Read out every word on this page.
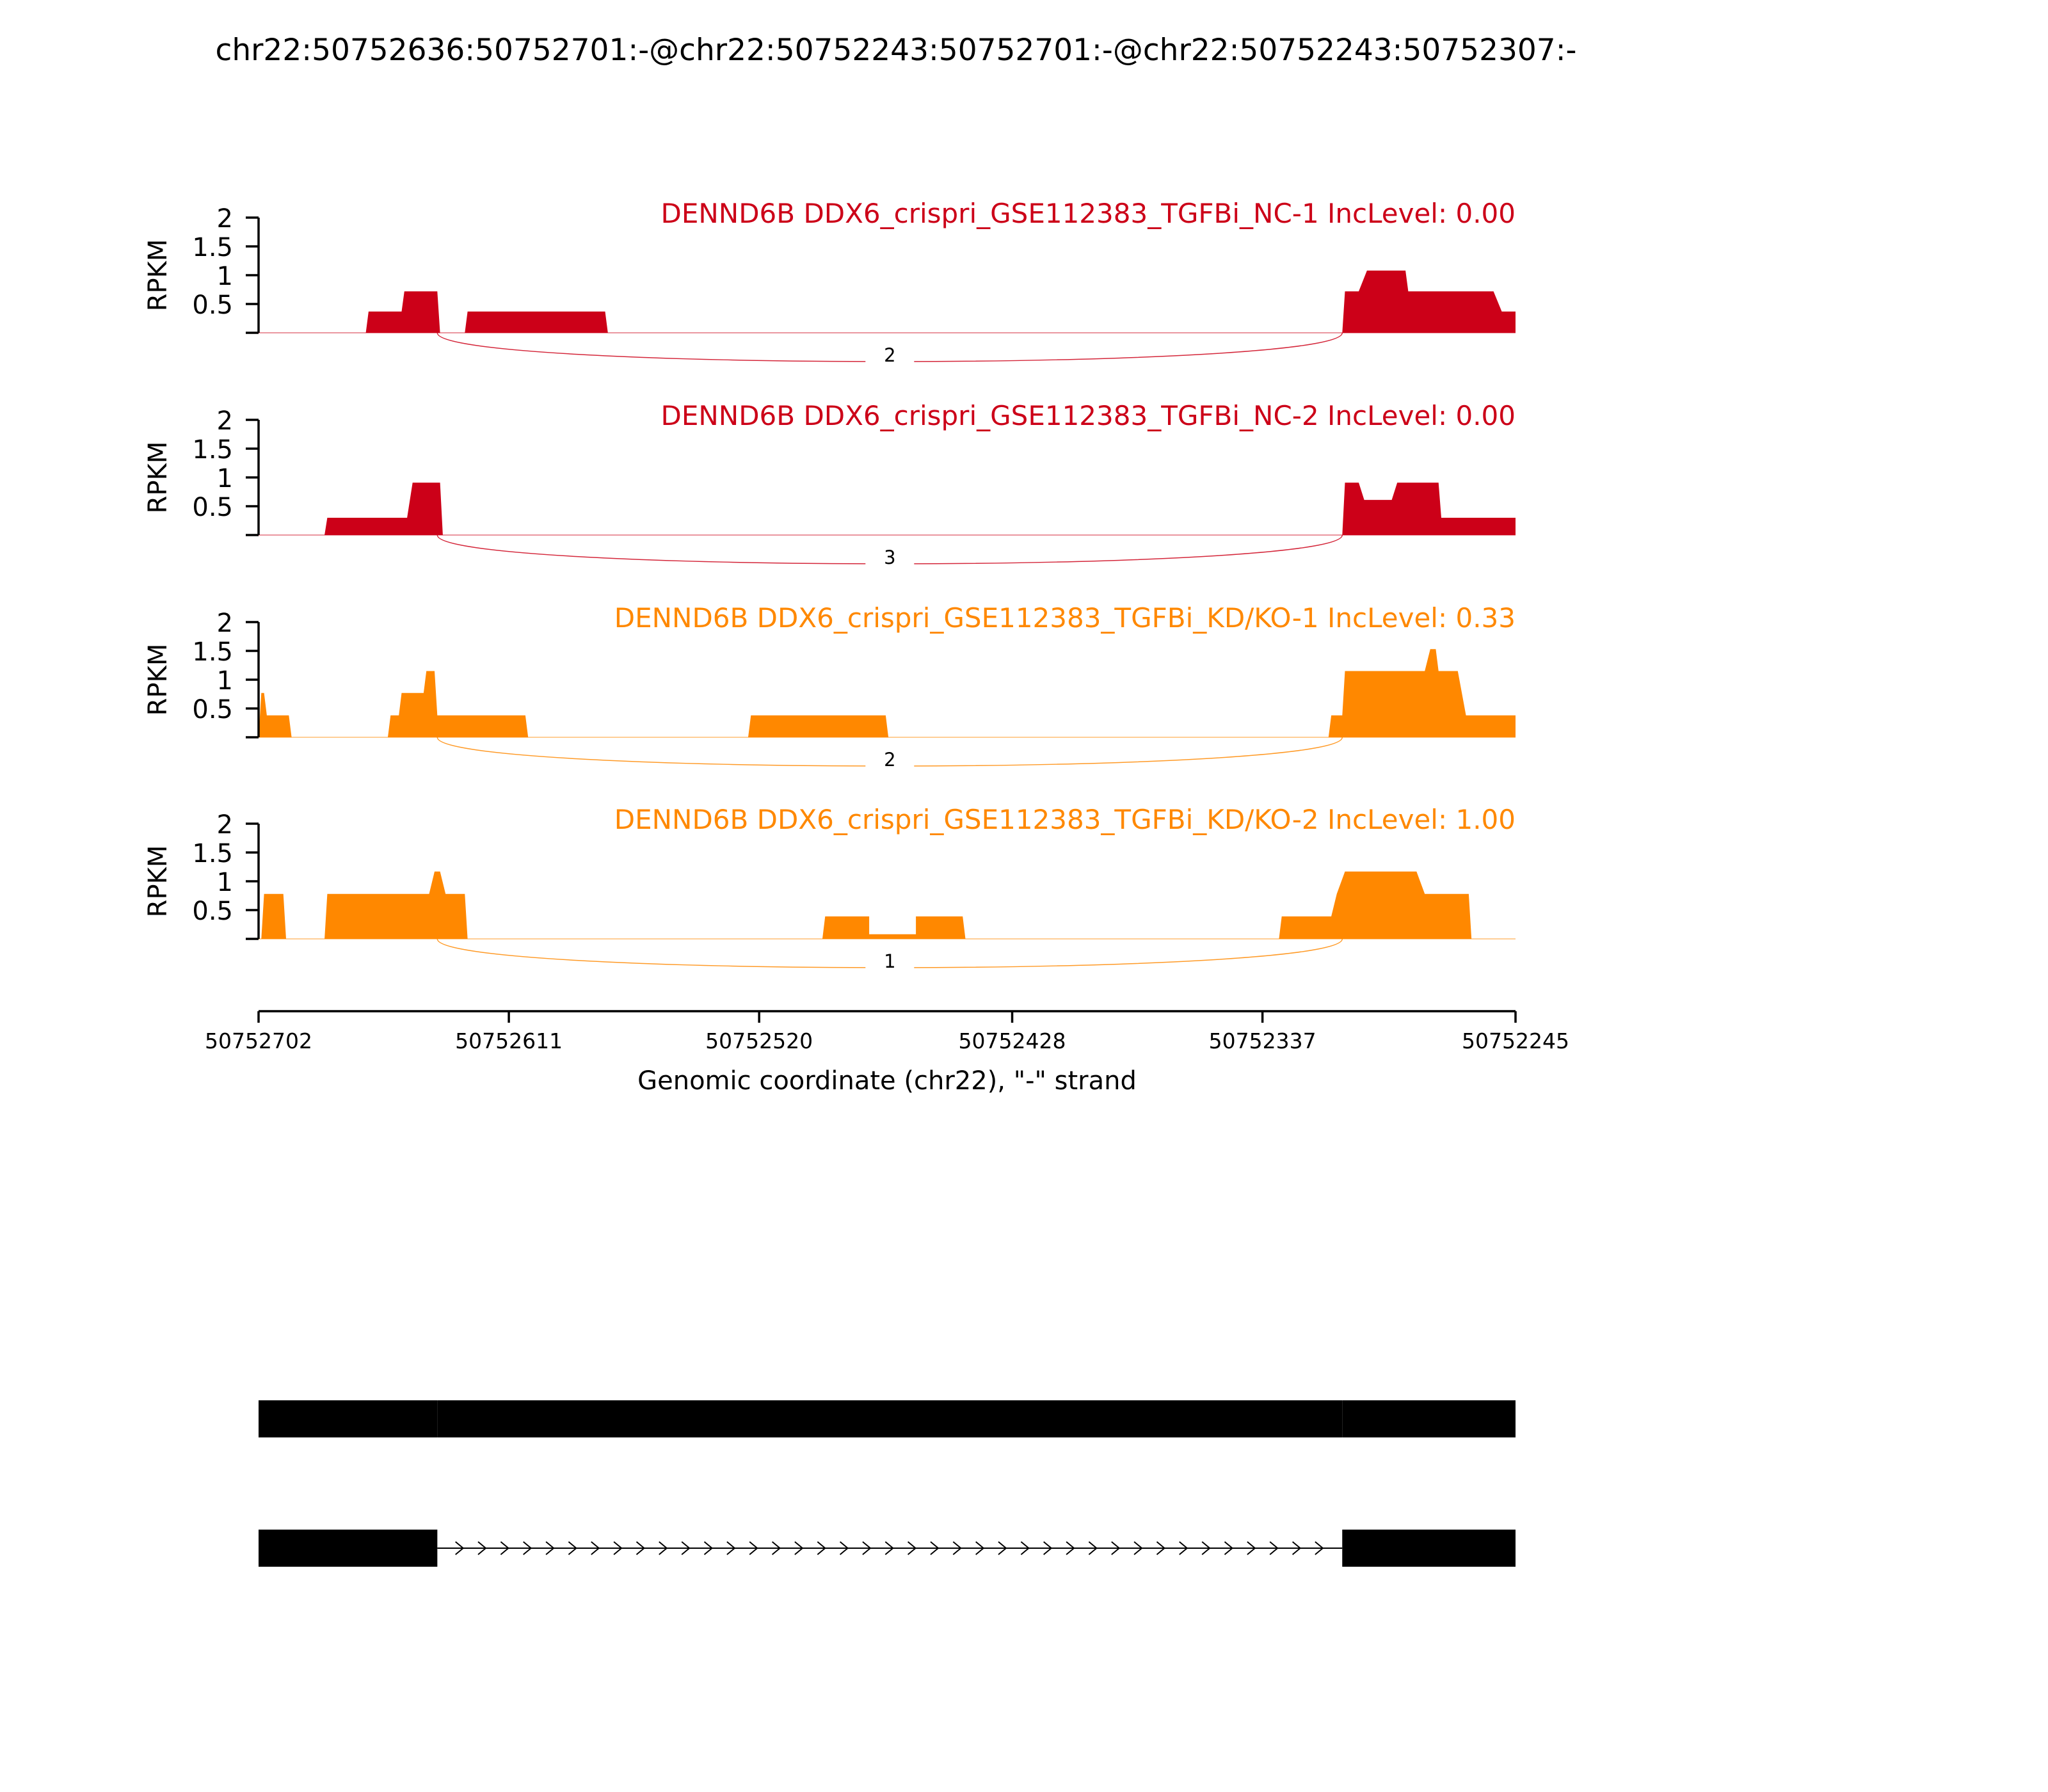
chr22:50752636:50752701:-@chr22:50752243:50752701:-@chr22:50752243:50752307:-
2
0.5
1
1.5
2
RPKM
DENND6B DDX6_crispri_GSE112383_TGFBi_NC-1 IncLevel: 0.00
3
0.5
1
1.5
2
RPKM
DENND6B DDX6_crispri_GSE112383_TGFBi_NC-2 IncLevel: 0.00
2
0.5
1
1.5
2
RPKM
DENND6B DDX6_crispri_GSE112383_TGFBi_KD/KO-1 IncLevel: 0.33
1
0.5
1
1.5
2
RPKM
DENND6B DDX6_crispri_GSE112383_TGFBi_KD/KO-2 IncLevel: 1.00
Genomic coordinate (chr22), "-" strand
50752702	50752611	50752520	50752428	50752337	50752245
